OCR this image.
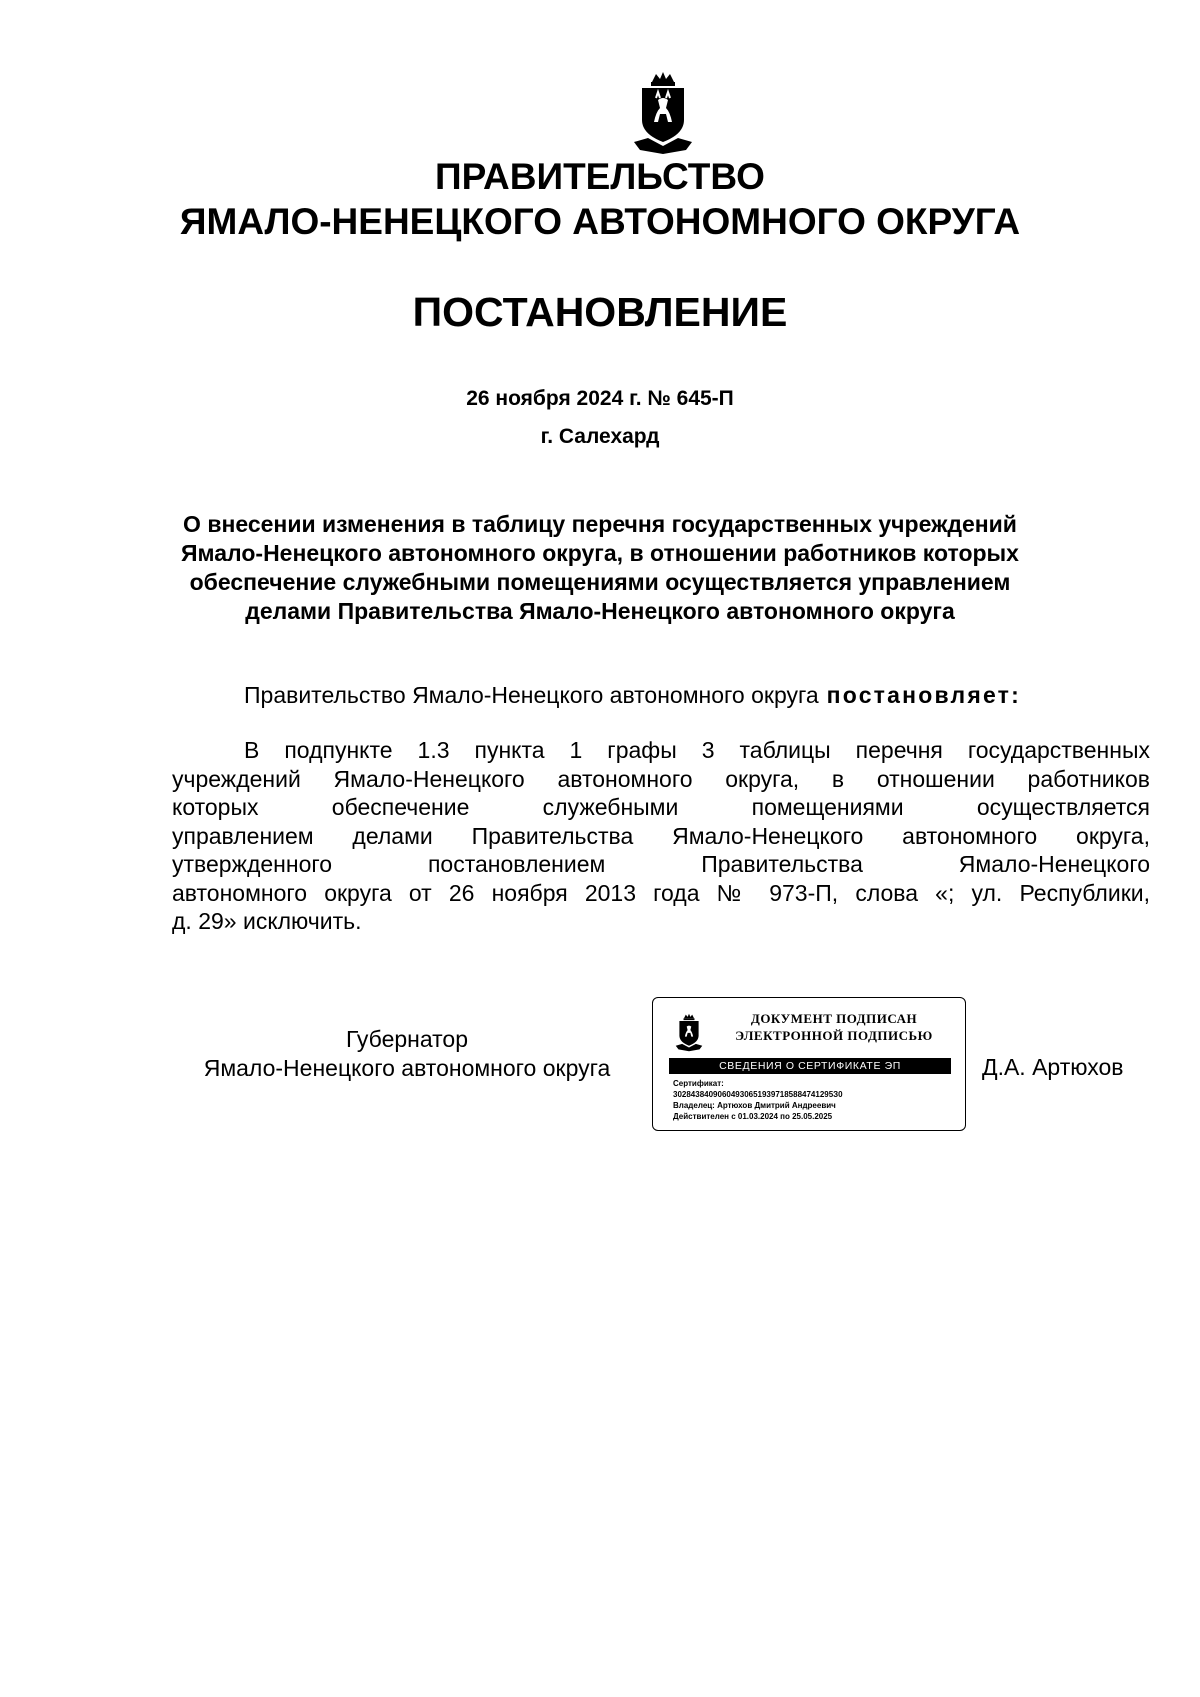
ПРАВИТЕЛЬСТВО
ЯМАЛО-НЕНЕЦКОГО АВТОНОМНОГО ОКРУГА
ПОСТАНОВЛЕНИЕ
26 ноября 2024 г. № 645-П
г. Салехард
О внесении изменения в таблицу перечня государственных учреждений
Ямало-Ненецкого автономного округа, в отношении работников которых
обеспечение служебными помещениями осуществляется управлением
делами Правительства Ямало-Ненецкого автономного округа
Правительство Ямало-Ненецкого автономного округа постановляет:
В подпункте 1.3 пункта 1 графы 3 таблицы перечня государственных
учреждений Ямало-Ненецкого автономного округа, в отношении работников
которых обеспечение служебными помещениями осуществляется
управлением делами Правительства Ямало-Ненецкого автономного округа,
утвержденного постановлением Правительства Ямало-Ненецкого
автономного округа от 26 ноября 2013 года № 973-П, слова «; ул. Республики,
д. 29» исключить.
Губернатор
Ямало-Ненецкого автономного округа
ДОКУМЕНТ ПОДПИСАН
ЭЛЕКТРОННОЙ ПОДПИСЬЮ
СВЕДЕНИЯ О СЕРТИФИКАТЕ ЭП
Сертификат:
302843840906049306519397185884741295З0
Владелец: Артюхов Дмитрий Андреевич
Действителен с 01.03.2024 по 25.05.2025
Д.А. Артюхов
